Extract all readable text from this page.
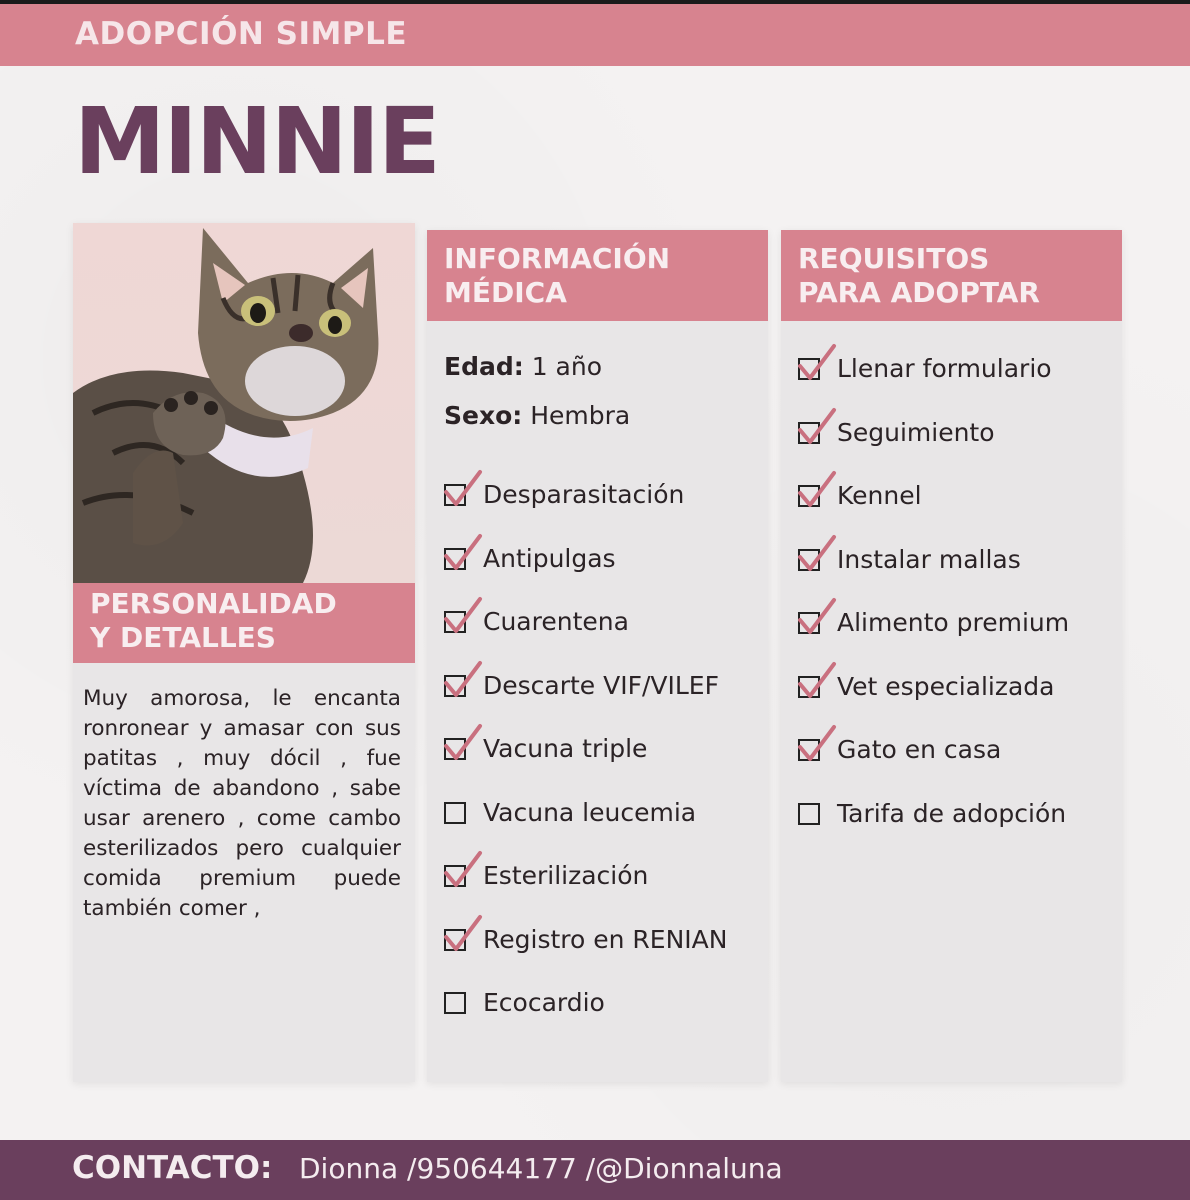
ADOPCIÓN SIMPLE
MINNIE
PERSONALIDAD
Y DETALLES
Muy amorosa, le encanta ronronear y amasar con sus patitas , muy dócil , fue víctima de abandono , sabe usar arenero , come cambo esterilizados pero cualquier comida premium puede también comer ,
INFORMACIÓN
MÉDICA
Edad: 1 año
Sexo: Hembra
Desparasitación
Antipulgas
Cuarentena
Descarte VIF/VILEF
Vacuna triple
Vacuna leucemia
Esterilización
Registro en RENIAN
Ecocardio
REQUISITOS
PARA ADOPTAR
Llenar formulario
Seguimiento
Kennel
Instalar mallas
Alimento premium
Vet especializada
Gato en casa
Tarifa de adopción
CONTACTO: Dionna /950644177 /@Dionnaluna
